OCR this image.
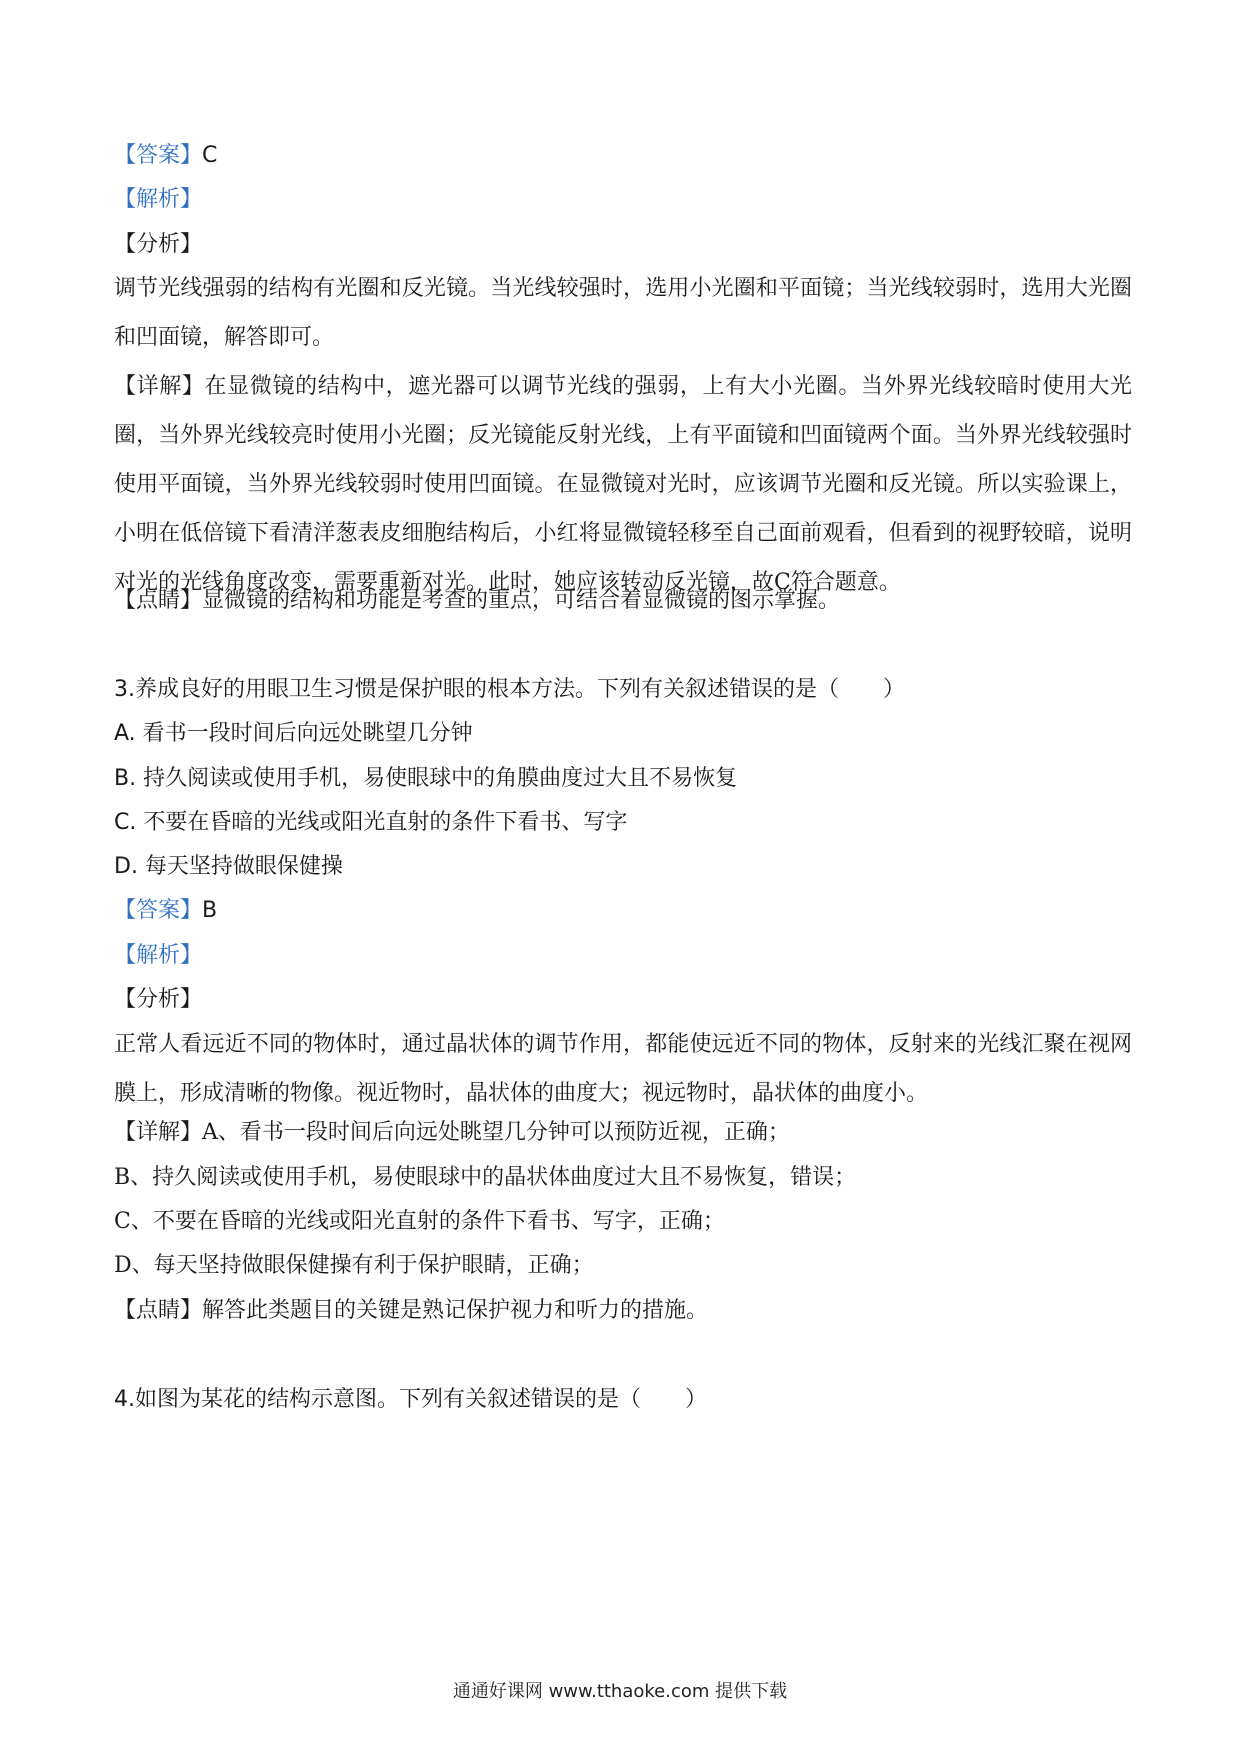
【答案】C
【解析】
【分析】
调节光线强弱的结构有光圈和反光镜。当光线较强时，选用小光圈和平面镜；当光线较弱时，选用大光圈和凹面镜，解答即可。
【详解】在显微镜的结构中，遮光器可以调节光线的强弱，上有大小光圈。当外界光线较暗时使用大光圈，当外界光线较亮时使用小光圈；反光镜能反射光线，上有平面镜和凹面镜两个面。当外界光线较强时使用平面镜，当外界光线较弱时使用凹面镜。在显微镜对光时，应该调节光圈和反光镜。所以实验课上，小明在低倍镜下看清洋葱表皮细胞结构后，小红将显微镜轻移至自己面前观看，但看到的视野较暗，说明对光的光线角度改变，需要重新对光。此时，她应该转动反光镜，故C符合题意。
【点睛】显微镜的结构和功能是考查的重点，可结合着显微镜的图示掌握。
3.养成良好的用眼卫生习惯是保护眼的根本方法。下列有关叙述错误的是（　　）
A. 看书一段时间后向远处眺望几分钟
B. 持久阅读或使用手机，易使眼球中的角膜曲度过大且不易恢复
C. 不要在昏暗的光线或阳光直射的条件下看书、写字
D. 每天坚持做眼保健操
【答案】B
【解析】
【分析】
正常人看远近不同的物体时，通过晶状体的调节作用，都能使远近不同的物体，反射来的光线汇聚在视网膜上，形成清晰的物像。视近物时，晶状体的曲度大；视远物时，晶状体的曲度小。
【详解】A、看书一段时间后向远处眺望几分钟可以预防近视，正确；
B、持久阅读或使用手机，易使眼球中的晶状体曲度过大且不易恢复，错误；
C、不要在昏暗的光线或阳光直射的条件下看书、写字，正确；
D、每天坚持做眼保健操有利于保护眼睛，正确；
【点睛】解答此类题目的关键是熟记保护视力和听力的措施。
4.如图为某花的结构示意图。下列有关叙述错误的是（　　）
通通好课网 www.tthaoke.com 提供下载
